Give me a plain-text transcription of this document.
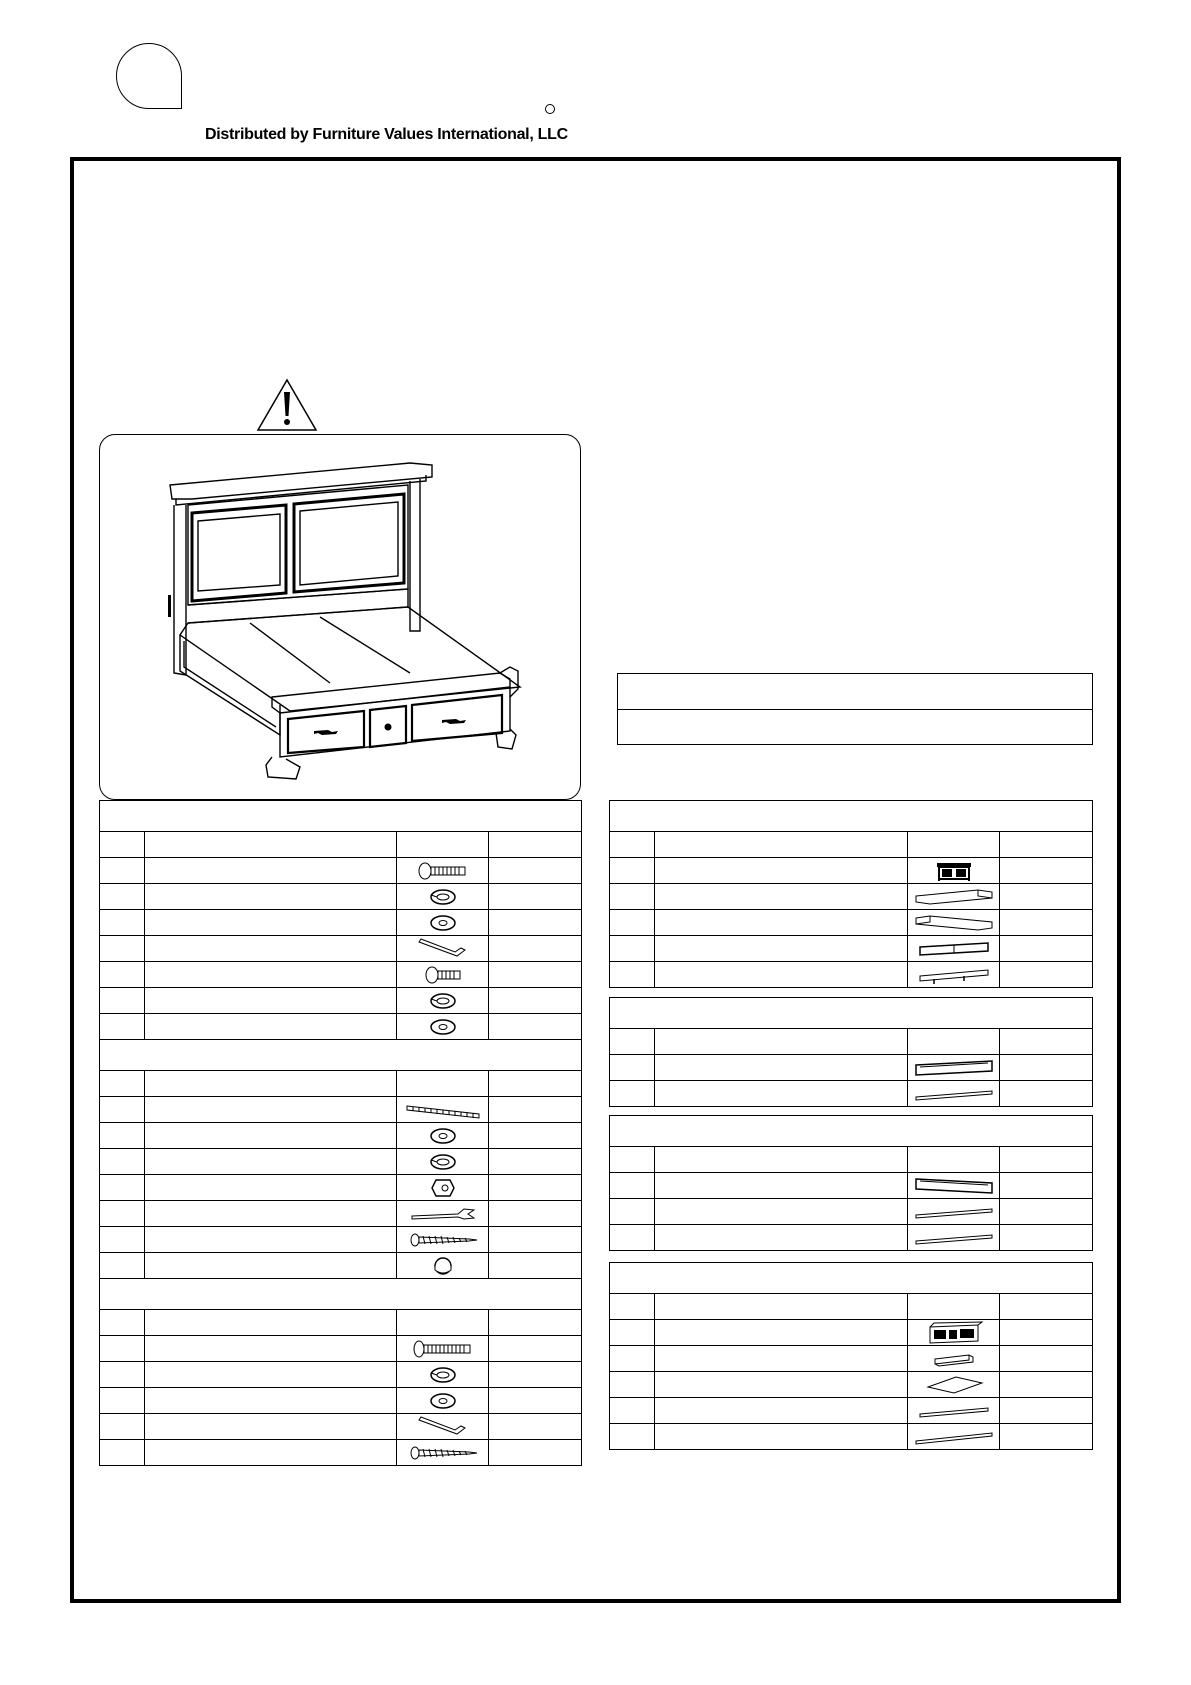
Distributed by Furniture Values International, LLC
